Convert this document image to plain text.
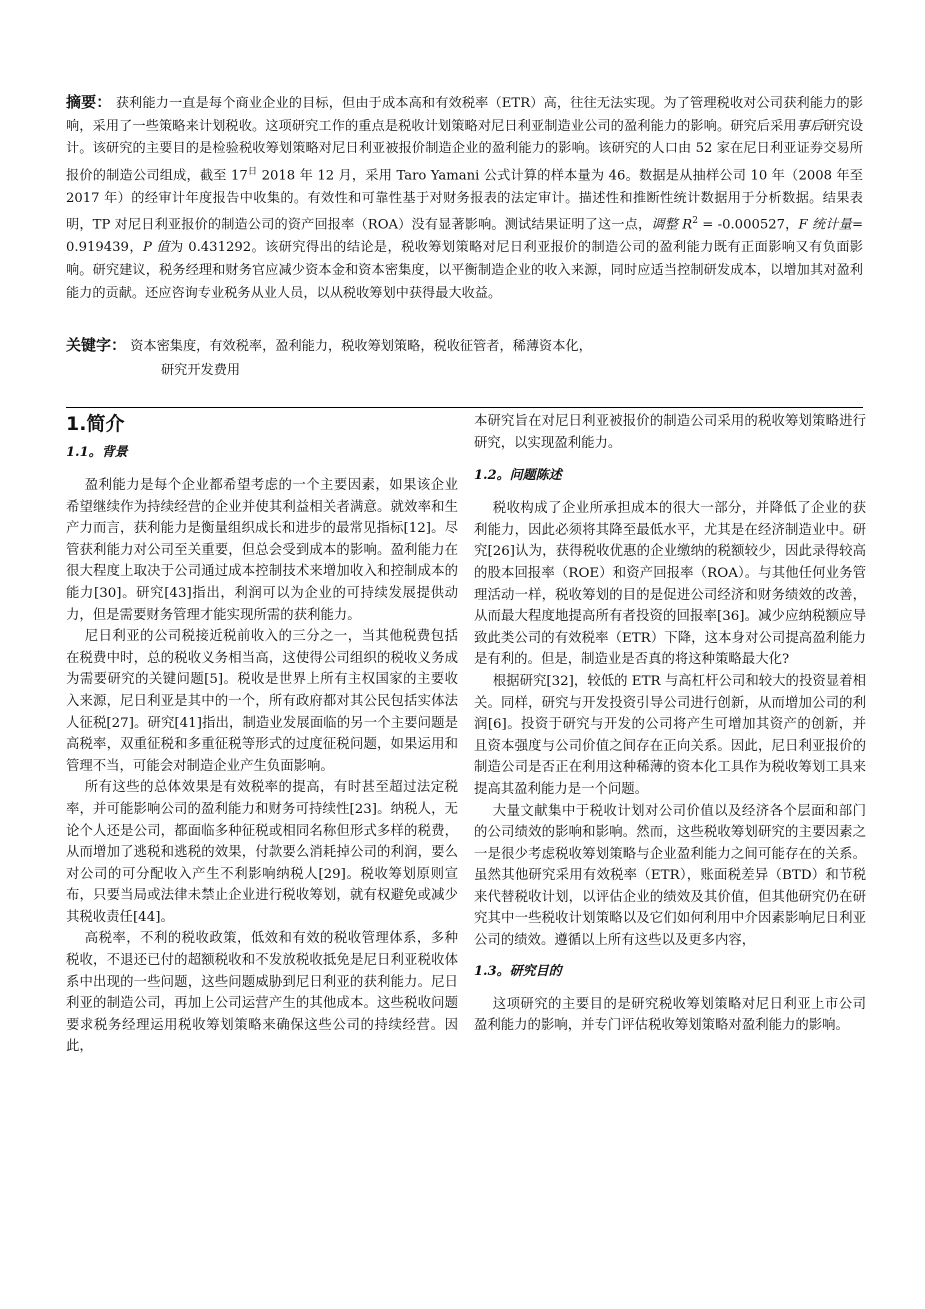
摘要： 获利能力一直是每个商业企业的目标，但由于成本高和有效税率（ETR）高，往往无法实现。为了管理税收对公司获利能力的影响，采用了一些策略来计划税收。这项研究工作的重点是税收计划策略对尼日利亚制造业公司的盈利能力的影响。研究后采用事后研究设计。该研究的主要目的是检验税收筹划策略对尼日利亚被报价制造企业的盈利能力的影响。该研究的人口由 52 家在尼日利亚证券交易所报价的制造公司组成，截至 $17^日$ 2018 年 12 月，采用 Taro Yamani 公式计算的样本量为 46。数据是从抽样公司 10 年（2008 年至 2017 年）的经审计年度报告中收集的。有效性和可靠性基于对财务报表的法定审计。描述性和推断性统计数据用于分析数据。结果表明，TP 对尼日利亚报价的制造公司的资产回报率（ROA）没有显著影响。测试结果证明了这一点，调整 $R^2 = -0.000527$，F 统计量= 0.919439，P 值为 0.431292。该研究得出的结论是，税收筹划策略对尼日利亚报价的制造公司的盈利能力既有正面影响又有负面影响。研究建议，税务经理和财务官应减少资本金和资本密集度，以平衡制造企业的收入来源，同时应适当控制研发成本，以增加其对盈利能力的贡献。还应咨询专业税务从业人员，以从税收筹划中获得最大收益。
关键字： 资本密集度，有效税率，盈利能力，税收筹划策略，税收征管者，稀薄资本化，
研究开发费用
1.简介
1.1。背景

盈利能力是每个企业都希望考虑的一个主要因素，如果该企业希望继续作为持续经营的企业并使其利益相关者满意。就效率和生产力而言，获利能力是衡量组织成长和进步的最常见指标[12]。尽管获利能力对公司至关重要，但总会受到成本的影响。盈利能力在很大程度上取决于公司通过成本控制技术来增加收入和控制成本的能力[30]。研究[43]指出，利润可以为企业的可持续发展提供动力，但是需要财务管理才能实现所需的获利能力。

尼日利亚的公司税接近税前收入的三分之一，当其他税费包括在税费中时，总的税收义务相当高，这使得公司组织的税收义务成为需要研究的关键问题[5]。税收是世界上所有主权国家的主要收入来源，尼日利亚是其中的一个，所有政府都对其公民包括实体法人征税[27]。研究[41]指出，制造业发展面临的另一个主要问题是高税率，双重征税和多重征税等形式的过度征税问题，如果运用和管理不当，可能会对制造企业产生负面影响。

所有这些的总体效果是有效税率的提高，有时甚至超过法定税率，并可能影响公司的盈利能力和财务可持续性[23]。纳税人，无论个人还是公司，都面临多种征税或相同名称但形式多样的税费，从而增加了逃税和逃税的效果，付款要么消耗掉公司的利润，要么对公司的可分配收入产生不利影响纳税人[29]。税收筹划原则宣布，只要当局或法律未禁止企业进行税收筹划，就有权避免或减少其税收责任[44]。

高税率，不利的税收政策，低效和有效的税收管理体系，多种税收，不退还已付的超额税收和不发放税收抵免是尼日利亚税收体系中出现的一些问题，这些问题威胁到尼日利亚的获利能力。尼日利亚的制造公司，再加上公司运营产生的其他成本。这些税收问题要求税务经理运用税收筹划策略来确保这些公司的持续经营。因此，

本研究旨在对尼日利亚被报价的制造公司采用的税收筹划策略进行研究，以实现盈利能力。

1.2。问题陈述

税收构成了企业所承担成本的很大一部分，并降低了企业的获利能力，因此必须将其降至最低水平，尤其是在经济制造业中。研究[26]认为，获得税收优惠的企业缴纳的税额较少，因此录得较高的股本回报率（ROE）和资产回报率（ROA）。与其他任何业务管理活动一样，税收筹划的目的是促进公司经济和财务绩效的改善，从而最大程度地提高所有者投资的回报率[36]。减少应纳税额应导致此类公司的有效税率（ETR）下降，这本身对公司提高盈利能力是有利的。但是，制造业是否真的将这种策略最大化?

根据研究[32]，较低的 ETR 与高杠杆公司和较大的投资显着相关。同样，研究与开发投资引导公司进行创新，从而增加公司的利润[6]。投资于研究与开发的公司将产生可增加其资产的创新，并且资本强度与公司价值之间存在正向关系。因此，尼日利亚报价的制造公司是否正在利用这种稀薄的资本化工具作为税收筹划工具来提高其盈利能力是一个问题。

大量文献集中于税收计划对公司价值以及经济各个层面和部门的公司绩效的影响和影响。然而，这些税收筹划研究的主要因素之一是很少考虑税收筹划策略与企业盈利能力之间可能存在的关系。虽然其他研究采用有效税率（ETR），账面税差异（BTD）和节税来代替税收计划，以评估企业的绩效及其价值，但其他研究仍在研究其中一些税收计划策略以及它们如何利用中介因素影响尼日利亚公司的绩效。遵循以上所有这些以及更多内容，

1.3。研究目的

这项研究的主要目的是研究税收筹划策略对尼日利亚上市公司盈利能力的影响，并专门评估税收筹划策略对盈利能力的影响。
